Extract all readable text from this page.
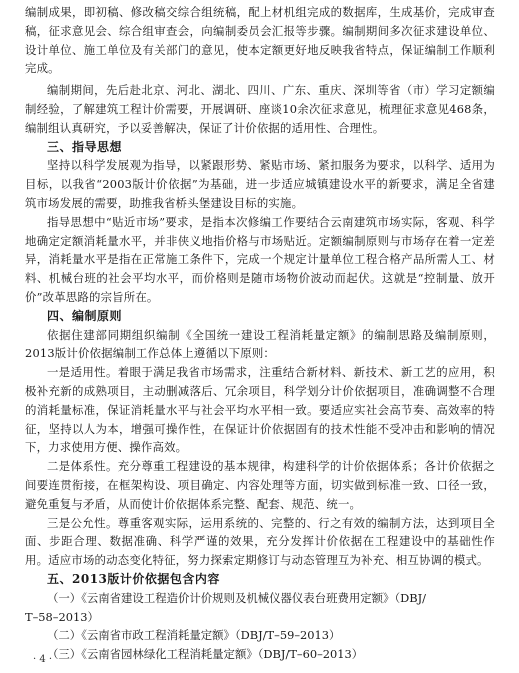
编制成果，即初稿、修改稿交综合组统稿，配上材机组完成的数据库，生成基价，完成审查稿，征求意见会、综合组审查会，向编制委员会汇报等步骤。编制期间多次征求建设单位、设计单位、施工单位及有关部门的意见，使本定额更好地反映我省特点，保证编制工作顺利完成。

编制期间，先后赴北京、河北、湖北、四川、广东、重庆、深圳等省（市）学习定额编制经验，了解建筑工程计价需要，开展调研、座谈10余次征求意见，梳理征求意见468条，编制组认真研究，予以妥善解决，保证了计价依据的适用性、合理性。

三、指导思想

坚持以科学发展观为指导，以紧跟形势、紧贴市场、紧扣服务为要求，以科学、适用为目标，以我省“2003版计价依据”为基础，进一步适应城镇建设水平的新要求，满足全省建筑市场发展的需要，助推我省桥头堡建设目标的实施。

指导思想中“贴近市场”要求，是指本次修编工作要结合云南建筑市场实际，客观、科学地确定定额消耗量水平，并非侠义地指价格与市场贴近。定额编制原则与市场存在着一定差异，消耗量水平是指在正常施工条件下，完成一个规定计量单位工程合格产品所需人工、材料、机械台班的社会平均水平，而价格则是随市场物价波动而起伏。这就是“控制量、放开价”改革思路的宗旨所在。

四、编制原则

依据住建部同期组织编制《全国统一建设工程消耗量定额》的编制思路及编制原则，2013版计价依据编制工作总体上遵循以下原则：

一是适用性。着眼于满足我省市场需求，注重结合新材料、新技术、新工艺的应用，积极补充新的成熟项目，主动删减落后、冗余项目，科学划分计价依据项目，准确调整不合理的消耗量标准，保证消耗量水平与社会平均水平相一致。要适应实社会高节奏、高效率的特征，坚持以人为本，增强可操作性，在保证计价依据固有的技术性能不受冲击和影响的情况下，力求使用方便、操作高效。

二是体系性。充分尊重工程建设的基本规律，构建科学的计价依据体系；各计价依据之间要连贯衔接，在框架构设、项目确定、内容处理等方面，切实做到标准一致、口径一致，避免重复与矛盾，从而使计价依据体系完整、配套、规范、统一。

三是公允性。尊重客观实际，运用系统的、完整的、行之有效的编制方法，达到项目全面、步距合理、数据准确、科学严谨的效果，充分发挥计价依据在工程建设中的基础性作用。适应市场的动态变化特征，努力探索定期修订与动态管理互为补充、相互协调的模式。

五、2013版计价依据包含内容

（一）《云南省建设工程造价计价规则及机械仪器仪表台班费用定额》（DBJ/

T–58–2013）

（二）《云南省市政工程消耗量定额》（DBJ/T–59–2013）

（三）《云南省园林绿化工程消耗量定额》（DBJ/T–60–2013）

· 4 ·
